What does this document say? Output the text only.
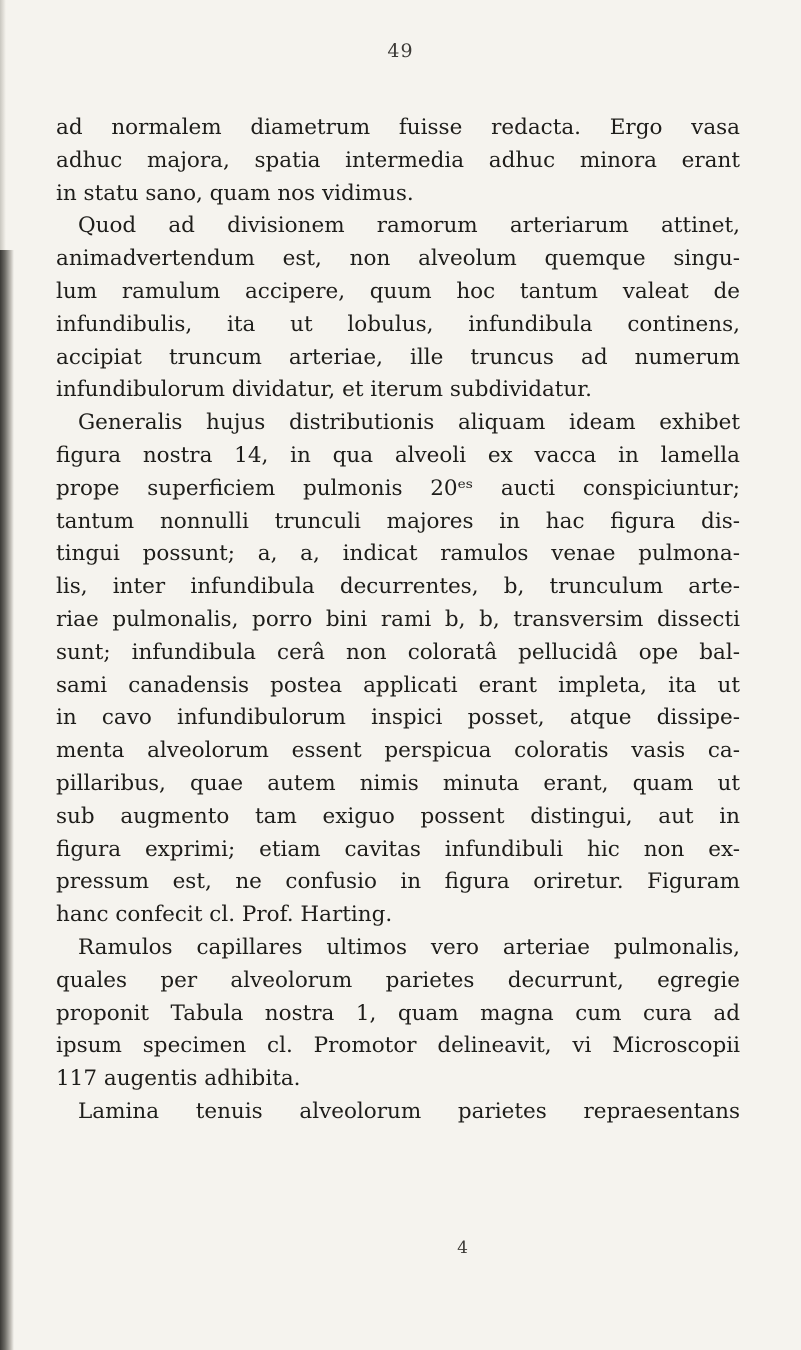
49
ad normalem diametrum fuisse redacta. Ergo vasa
adhuc majora, spatia intermedia adhuc minora erant
in statu sano, quam nos vidimus.
Quod ad divisionem ramorum arteriarum attinet,
animadvertendum est, non alveolum quemque singu-
lum ramulum accipere, quum hoc tantum valeat de
infundibulis, ita ut lobulus, infundibula continens,
accipiat truncum arteriae, ille truncus ad numerum
infundibulorum dividatur, et iterum subdividatur.
Generalis hujus distributionis aliquam ideam exhibet
figura nostra 14, in qua alveoli ex vacca in lamella
prope superficiem pulmonis 20ᵉˢ aucti conspiciuntur;
tantum nonnulli trunculi majores in hac figura dis-
tingui possunt; a, a, indicat ramulos venae pulmona-
lis, inter infundibula decurrentes, b, trunculum arte-
riae pulmonalis, porro bini rami b, b, transversim dissecti
sunt; infundibula cerâ non coloratâ pellucidâ ope bal-
sami canadensis postea applicati erant impleta, ita ut
in cavo infundibulorum inspici posset, atque dissipe-
menta alveolorum essent perspicua coloratis vasis ca-
pillaribus, quae autem nimis minuta erant, quam ut
sub augmento tam exiguo possent distingui, aut in
figura exprimi; etiam cavitas infundibuli hic non ex-
pressum est, ne confusio in figura oriretur. Figuram
hanc confecit cl. Prof. Harting.
Ramulos capillares ultimos vero arteriae pulmonalis,
quales per alveolorum parietes decurrunt, egregie
proponit Tabula nostra 1, quam magna cum cura ad
ipsum specimen cl. Promotor delineavit, vi Microscopii
117 augentis adhibita.
Lamina tenuis alveolorum parietes repraesentans
4
